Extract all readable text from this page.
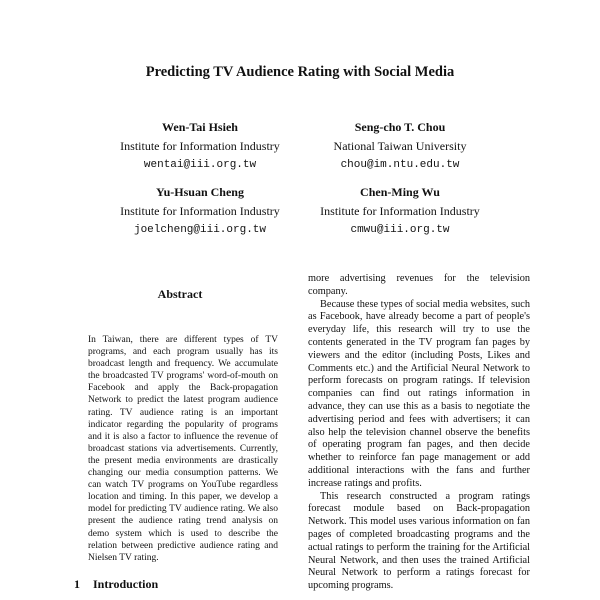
Predicting TV Audience Rating with Social Media
Wen-Tai Hsieh
Institute for Information Industry
wentai@iii.org.tw
Seng-cho T. Chou
National Taiwan University
chou@im.ntu.edu.tw
Yu-Hsuan Cheng
Institute for Information Industry
joelcheng@iii.org.tw
Chen-Ming Wu
Institute for Information Industry
cmwu@iii.org.tw
Abstract

In Taiwan, there are different types of TV programs, and each program usually has its broadcast length and frequency. We accumulate the broadcasted TV programs' word-of-mouth on Facebook and apply the Back-propagation Network to predict the latest program audience rating. TV audience rating is an important indicator regarding the popularity of programs and it is also a factor to influence the revenue of broadcast stations via advertisements. Currently, the present media environments are drastically changing our media consumption patterns. We can watch TV programs on YouTube regardless location and timing. In this paper, we develop a model for predicting TV audience rating. We also present the audience rating trend analysis on demo system which is used to describe the relation between predictive audience rating and Nielsen TV rating.

1 Introduction

more advertising revenues for the television company.

Because these types of social media websites, such as Facebook, have already become a part of people's everyday life, this research will try to use the contents generated in the TV program fan pages by viewers and the editor (including Posts, Likes and Comments etc.) and the Artificial Neural Network to perform forecasts on program ratings. If television companies can find out ratings information in advance, they can use this as a basis to negotiate the advertising period and fees with advertisers; it can also help the television channel observe the benefits of operating program fan pages, and then decide whether to reinforce fan page management or add additional interactions with the fans and further increase ratings and profits.

This research constructed a program ratings forecast module based on Back-propagation Network. This model uses various information on fan pages of completed broadcasting programs and the actual ratings to perform the training for the Artificial Neural Network, and then uses the trained Artificial Neural Network to perform a ratings forecast for upcoming programs.
